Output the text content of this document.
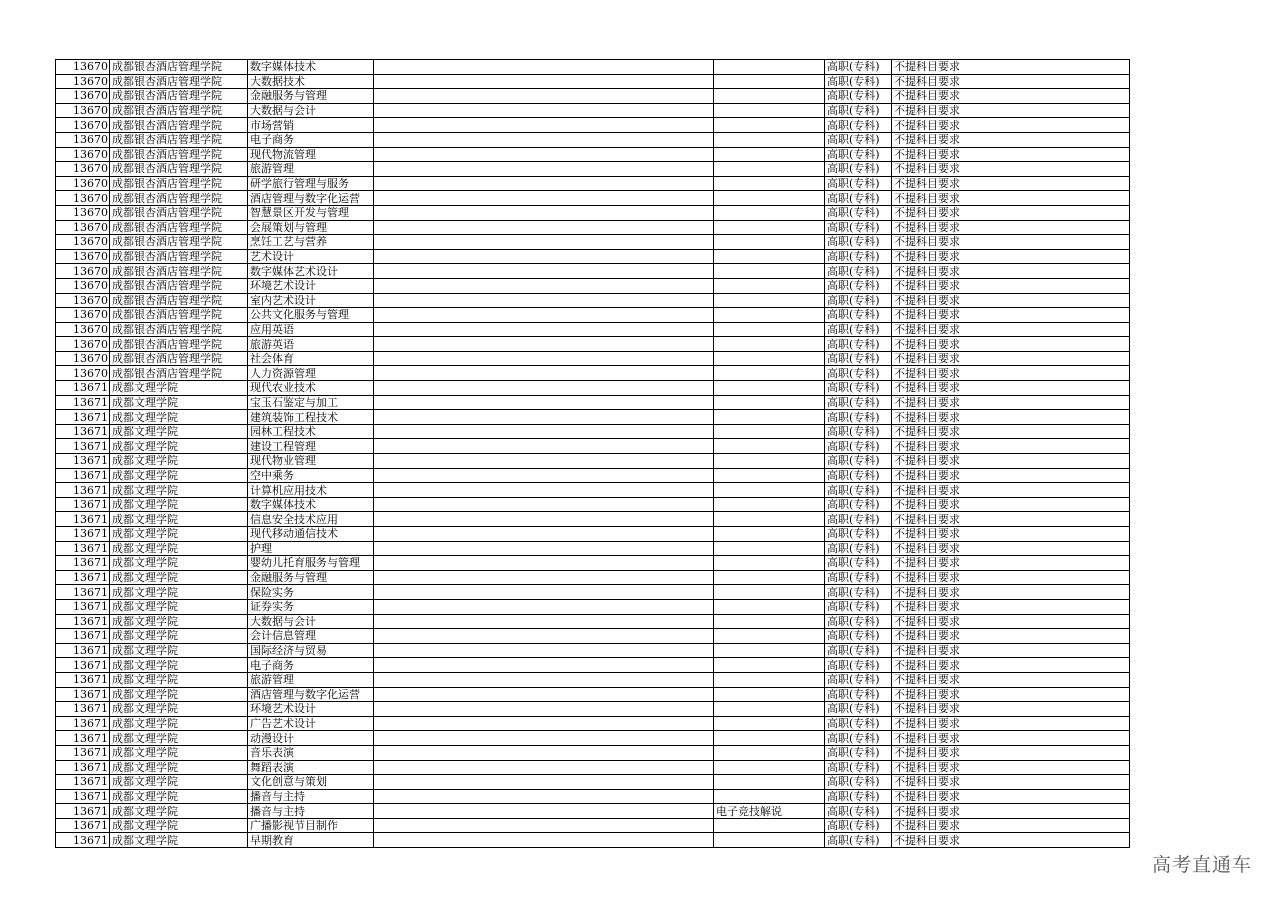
13670	成都银杏酒店管理学院	数字媒体技术			高职(专科)	不提科目要求
13670	成都银杏酒店管理学院	大数据技术			高职(专科)	不提科目要求
13670	成都银杏酒店管理学院	金融服务与管理			高职(专科)	不提科目要求
13670	成都银杏酒店管理学院	大数据与会计			高职(专科)	不提科目要求
13670	成都银杏酒店管理学院	市场营销			高职(专科)	不提科目要求
13670	成都银杏酒店管理学院	电子商务			高职(专科)	不提科目要求
13670	成都银杏酒店管理学院	现代物流管理			高职(专科)	不提科目要求
13670	成都银杏酒店管理学院	旅游管理			高职(专科)	不提科目要求
13670	成都银杏酒店管理学院	研学旅行管理与服务			高职(专科)	不提科目要求
13670	成都银杏酒店管理学院	酒店管理与数字化运营			高职(专科)	不提科目要求
13670	成都银杏酒店管理学院	智慧景区开发与管理			高职(专科)	不提科目要求
13670	成都银杏酒店管理学院	会展策划与管理			高职(专科)	不提科目要求
13670	成都银杏酒店管理学院	烹饪工艺与营养			高职(专科)	不提科目要求
13670	成都银杏酒店管理学院	艺术设计			高职(专科)	不提科目要求
13670	成都银杏酒店管理学院	数字媒体艺术设计			高职(专科)	不提科目要求
13670	成都银杏酒店管理学院	环境艺术设计			高职(专科)	不提科目要求
13670	成都银杏酒店管理学院	室内艺术设计			高职(专科)	不提科目要求
13670	成都银杏酒店管理学院	公共文化服务与管理			高职(专科)	不提科目要求
13670	成都银杏酒店管理学院	应用英语			高职(专科)	不提科目要求
13670	成都银杏酒店管理学院	旅游英语			高职(专科)	不提科目要求
13670	成都银杏酒店管理学院	社会体育			高职(专科)	不提科目要求
13670	成都银杏酒店管理学院	人力资源管理			高职(专科)	不提科目要求
13671	成都文理学院	现代农业技术			高职(专科)	不提科目要求
13671	成都文理学院	宝玉石鉴定与加工			高职(专科)	不提科目要求
13671	成都文理学院	建筑装饰工程技术			高职(专科)	不提科目要求
13671	成都文理学院	园林工程技术			高职(专科)	不提科目要求
13671	成都文理学院	建设工程管理			高职(专科)	不提科目要求
13671	成都文理学院	现代物业管理			高职(专科)	不提科目要求
13671	成都文理学院	空中乘务			高职(专科)	不提科目要求
13671	成都文理学院	计算机应用技术			高职(专科)	不提科目要求
13671	成都文理学院	数字媒体技术			高职(专科)	不提科目要求
13671	成都文理学院	信息安全技术应用			高职(专科)	不提科目要求
13671	成都文理学院	现代移动通信技术			高职(专科)	不提科目要求
13671	成都文理学院	护理			高职(专科)	不提科目要求
13671	成都文理学院	婴幼儿托育服务与管理			高职(专科)	不提科目要求
13671	成都文理学院	金融服务与管理			高职(专科)	不提科目要求
13671	成都文理学院	保险实务			高职(专科)	不提科目要求
13671	成都文理学院	证券实务			高职(专科)	不提科目要求
13671	成都文理学院	大数据与会计			高职(专科)	不提科目要求
13671	成都文理学院	会计信息管理			高职(专科)	不提科目要求
13671	成都文理学院	国际经济与贸易			高职(专科)	不提科目要求
13671	成都文理学院	电子商务			高职(专科)	不提科目要求
13671	成都文理学院	旅游管理			高职(专科)	不提科目要求
13671	成都文理学院	酒店管理与数字化运营			高职(专科)	不提科目要求
13671	成都文理学院	环境艺术设计			高职(专科)	不提科目要求
13671	成都文理学院	广告艺术设计			高职(专科)	不提科目要求
13671	成都文理学院	动漫设计			高职(专科)	不提科目要求
13671	成都文理学院	音乐表演			高职(专科)	不提科目要求
13671	成都文理学院	舞蹈表演			高职(专科)	不提科目要求
13671	成都文理学院	文化创意与策划			高职(专科)	不提科目要求
13671	成都文理学院	播音与主持			高职(专科)	不提科目要求
13671	成都文理学院	播音与主持		电子竞技解说	高职(专科)	不提科目要求
13671	成都文理学院	广播影视节目制作			高职(专科)	不提科目要求
13671	成都文理学院	早期教育			高职(专科)	不提科目要求
高考直通车
